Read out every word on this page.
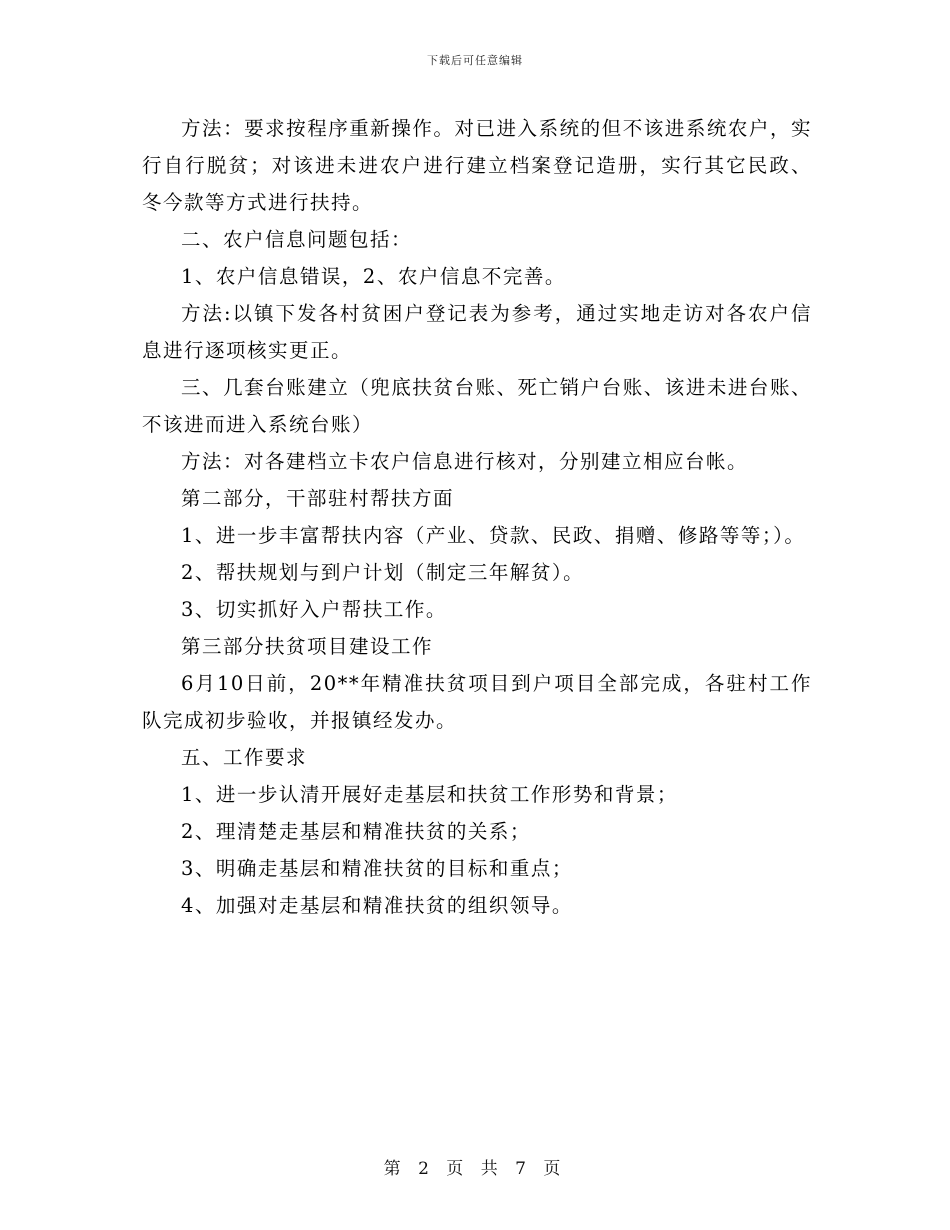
下载后可任意编辑

方法：要求按程序重新操作。对已进入系统的但不该进系统农户，实行自行脱贫；对该进未进农户进行建立档案登记造册，实行其它民政、冬今款等方式进行扶持。

二、农户信息问题包括：

1、农户信息错误，2、农户信息不完善。

方法:以镇下发各村贫困户登记表为参考，通过实地走访对各农户信息进行逐项核实更正。

三、几套台账建立（兜底扶贫台账、死亡销户台账、该进未进台账、不该进而进入系统台账）

方法：对各建档立卡农户信息进行核对，分别建立相应台帐。

第二部分，干部驻村帮扶方面

1、进一步丰富帮扶内容（产业、贷款、民政、捐赠、修路等等；）。

2、帮扶规划与到户计划（制定三年解贫）。

3、切实抓好入户帮扶工作。

第三部分扶贫项目建设工作

6月10日前，20**年精准扶贫项目到户项目全部完成，各驻村工作队完成初步验收，并报镇经发办。

五、工作要求

1、进一步认清开展好走基层和扶贫工作形势和背景；

2、理清楚走基层和精准扶贫的关系；

3、明确走基层和精准扶贫的目标和重点；

4、加强对走基层和精准扶贫的组织领导。

第 2 页 共 7 页
